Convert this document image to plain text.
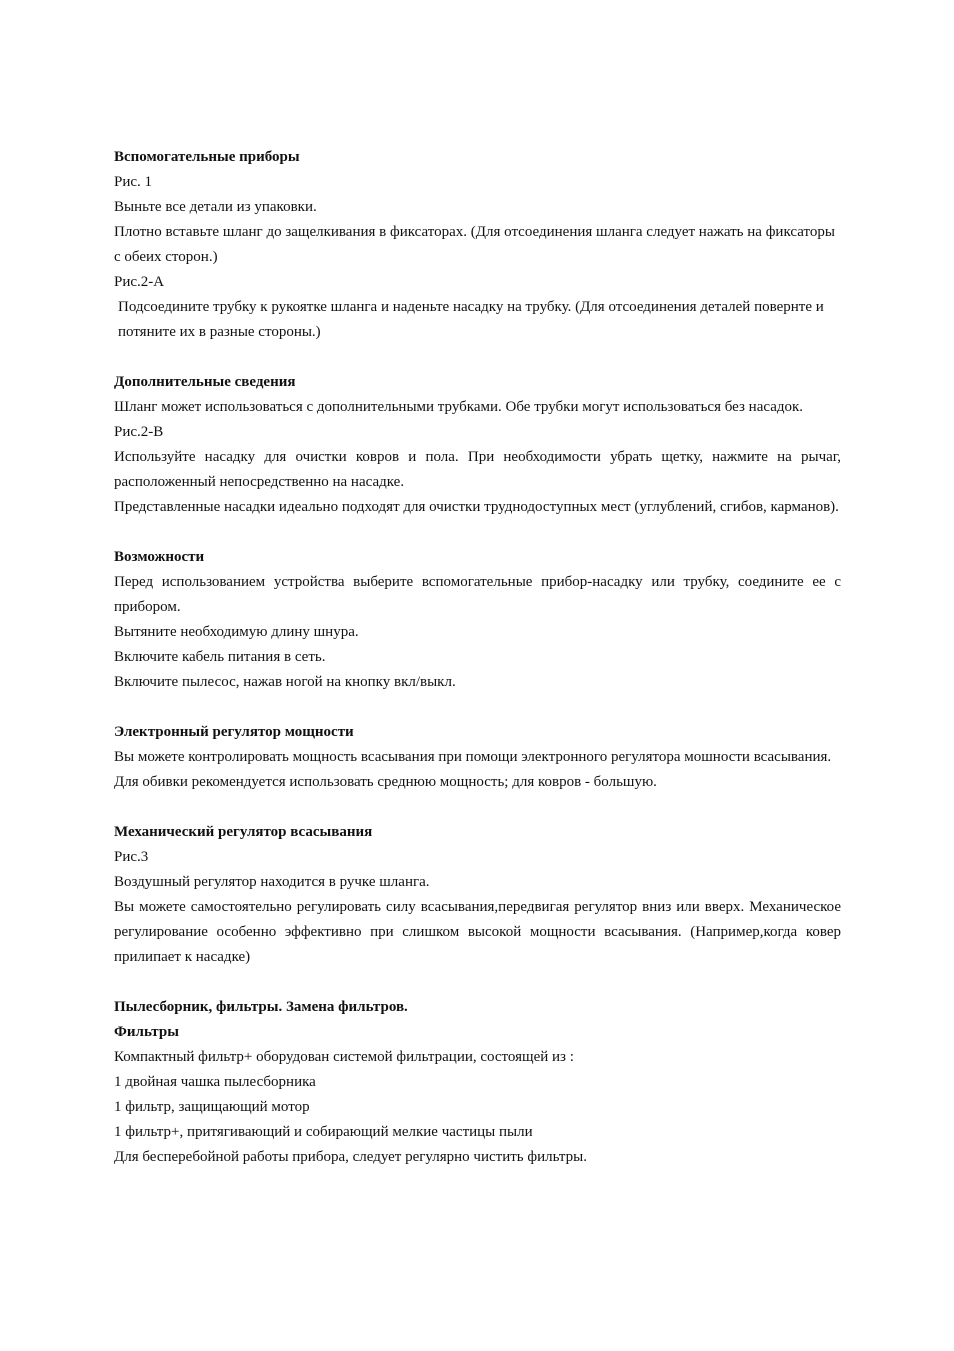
Вспомогательные приборы

Рис. 1

Выньте все детали из упаковки.

Плотно вставьте шланг до защелкивания в фиксаторах. (Для отсоединения шланга следует нажать на фиксаторы с обеих сторон.)

Рис.2-А

Подсоедините трубку к рукоятке шланга и наденьте насадку на трубку. (Для отсоединения деталей повернте и потяните их в разные стороны.)

Дополнительные сведения

Шланг может использоваться с дополнительными трубками. Обе трубки могут использоваться без насадок.

Рис.2-В

Используйте насадку для очистки ковров и пола. При необходимости убрать щетку, нажмите на рычаг, расположенный непосредственно на насадке.

Представленные насадки идеально подходят для очистки труднодоступных мест (углублений, сгибов, карманов).

Возможности

Перед использованием устройства выберите вспомогательные прибор-насадку или трубку, соедините ее с прибором.

Вытяните необходимую длину шнура.

Включите кабель питания в сеть.

Включите пылесос, нажав ногой на кнопку вкл/выкл.

Электронный регулятор мощности

Вы можете контролировать мощность всасывания при помощи электронного регулятора мошности всасывания.

Для обивки рекомендуется использовать среднюю мощность; для ковров - большую.

Механический регулятор всасывания

Рис.3

Воздушный регулятор находится в ручке шланга.

Вы можете самостоятельно регулировать силу всасывания,передвигая регулятор вниз или вверх. Механическое регулирование особенно эффективно при слишком высокой мощности всасывания. (Например,когда ковер прилипает к насадке)

Пылесборник, фильтры. Замена фильтров.

Фильтры

Компактный фильтр+ оборудован системой фильтрации, состоящей из :

1 двойная чашка пылесборника

1 фильтр, защищающий мотор

1 фильтр+, притягивающий и собирающий мелкие частицы пыли

Для бесперебойной работы прибора, следует регулярно чистить фильтры.
